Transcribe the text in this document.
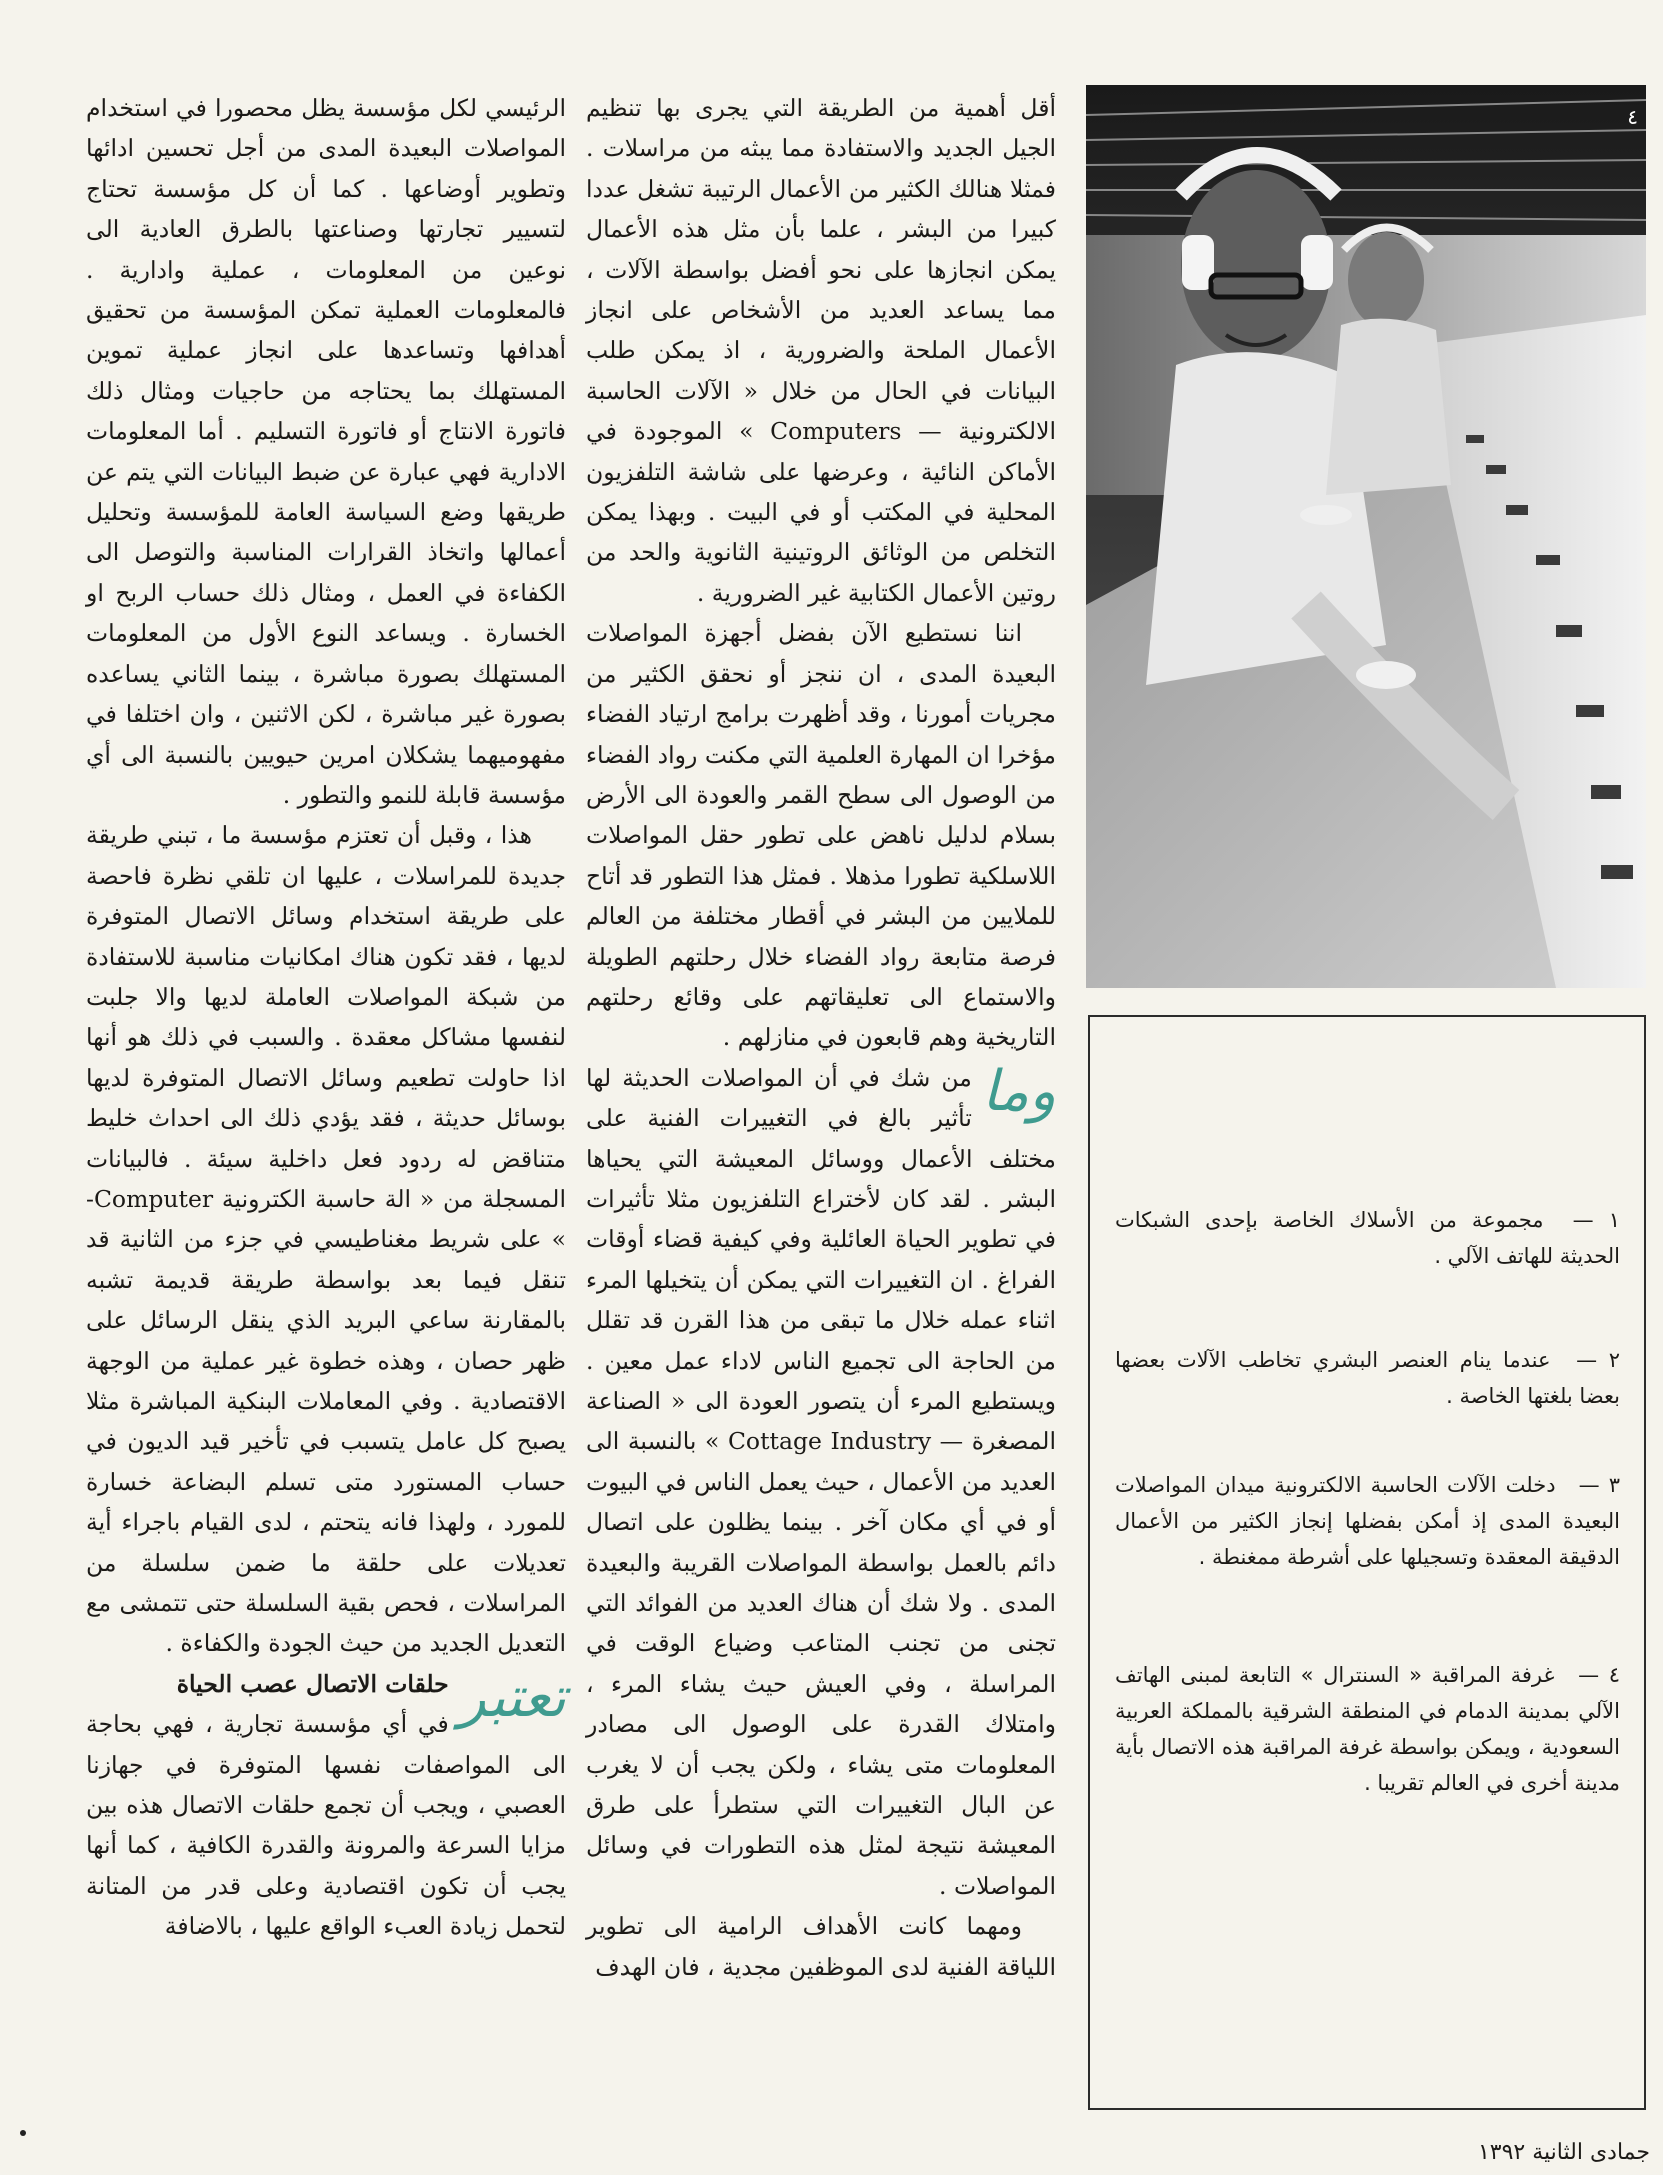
الرئيسي لكل مؤسسة يظل محصورا في استخدام المواصلات البعيدة المدى من أجل تحسين ادائها وتطوير أوضاعها . كما أن كل مؤسسة تحتاج لتسيير تجارتها وصناعتها بالطرق العادية الى نوعين من المعلومات ، عملية وادارية . فالمعلومات العملية تمكن المؤسسة من تحقيق أهدافها وتساعدها على انجاز عملية تموين المستهلك بما يحتاجه من حاجيات ومثال ذلك فاتورة الانتاج أو فاتورة التسليم . أما المعلومات الادارية فهي عبارة عن ضبط البيانات التي يتم عن طريقها وضع السياسة العامة للمؤسسة وتحليل أعمالها واتخاذ القرارات المناسبة والتوصل الى الكفاءة في العمل ، ومثال ذلك حساب الربح او الخسارة . ويساعد النوع الأول من المعلومات المستهلك بصورة مباشرة ، بينما الثاني يساعده بصورة غير مباشرة ، لكن الاثنين ، وان اختلفا في مفهوميهما يشكلان امرين حيويين بالنسبة الى أي مؤسسة قابلة للنمو والتطور .

هذا ، وقبل أن تعتزم مؤسسة ما ، تبني طريقة جديدة للمراسلات ، عليها ان تلقي نظرة فاحصة على طريقة استخدام وسائل الاتصال المتوفرة لديها ، فقد تكون هناك امكانيات مناسبة للاستفادة من شبكة المواصلات العاملة لديها والا جلبت لنفسها مشاكل معقدة . والسبب في ذلك هو أنها اذا حاولت تطعيم وسائل الاتصال المتوفرة لديها بوسائل حديثة ، فقد يؤدي ذلك الى احداث خليط متناقض له ردود فعل داخلية سيئة . فالبيانات المسجلة من « الة حاسبة الكترونية Computer- » على شريط مغناطيسي في جزء من الثانية قد تنقل فيما بعد بواسطة طريقة قديمة تشبه بالمقارنة ساعي البريد الذي ينقل الرسائل على ظهر حصان ، وهذه خطوة غير عملية من الوجهة الاقتصادية . وفي المعاملات البنكية المباشرة مثلا يصبح كل عامل يتسبب في تأخير قيد الديون في حساب المستورد متى تسلم البضاعة خسارة للمورد ، ولهذا فانه يتحتم ، لدى القيام باجراء أية تعديلات على حلقة ما ضمن سلسلة من المراسلات ، فحص بقية السلسلة حتى تتمشى مع التعديل الجديد من حيث الجودة والكفاءة .

تعتبر
حلقات الاتصال عصب الحياة
في أي مؤسسة تجارية ، فهي بحاجة الى المواصفات نفسها المتوفرة في جهازنا العصبي ، ويجب أن تجمع حلقات الاتصال هذه بين مزايا السرعة والمرونة والقدرة الكافية ، كما أنها يجب أن تكون اقتصادية وعلى قدر من المتانة لتحمل زيادة العبء الواقع عليها ، بالاضافة

أقل أهمية من الطريقة التي يجرى بها تنظيم الجيل الجديد والاستفادة مما يبثه من مراسلات . فمثلا هنالك الكثير من الأعمال الرتيبة تشغل عددا كبيرا من البشر ، علما بأن مثل هذه الأعمال يمكن انجازها على نحو أفضل بواسطة الآلات ، مما يساعد العديد من الأشخاص على انجاز الأعمال الملحة والضرورية ، اذ يمكن طلب البيانات في الحال من خلال « الآلات الحاسبة الالكترونية — Computers » الموجودة في الأماكن النائية ، وعرضها على شاشة التلفزيون المحلية في المكتب أو في البيت . وبهذا يمكن التخلص من الوثائق الروتينية الثانوية والحد من روتين الأعمال الكتابية غير الضرورية .

اننا نستطيع الآن بفضل أجهزة المواصلات البعيدة المدى ، ان ننجز أو نحقق الكثير من مجريات أمورنا ، وقد أظهرت برامج ارتياد الفضاء مؤخرا ان المهارة العلمية التي مكنت رواد الفضاء من الوصول الى سطح القمر والعودة الى الأرض بسلام لدليل ناهض على تطور حقل المواصلات اللاسلكية تطورا مذهلا . فمثل هذا التطور قد أتاح للملايين من البشر في أقطار مختلفة من العالم فرصة متابعة رواد الفضاء خلال رحلتهم الطويلة والاستماع الى تعليقاتهم على وقائع رحلتهم التاريخية وهم قابعون في منازلهم .

وما
من شك في أن المواصلات الحديثة لها تأثير بالغ في التغييرات الفنية على مختلف الأعمال ووسائل المعيشة التي يحياها البشر . لقد كان لأختراع التلفزيون مثلا تأثيرات في تطوير الحياة العائلية وفي كيفية قضاء أوقات الفراغ . ان التغييرات التي يمكن أن يتخيلها المرء اثناء عمله خلال ما تبقى من هذا القرن قد تقلل من الحاجة الى تجميع الناس لاداء عمل معين . ويستطيع المرء أن يتصور العودة الى « الصناعة المصغرة — Cottage Industry » بالنسبة الى العديد من الأعمال ، حيث يعمل الناس في البيوت أو في أي مكان آخر . بينما يظلون على اتصال دائم بالعمل بواسطة المواصلات القريبة والبعيدة المدى . ولا شك أن هناك العديد من الفوائد التي تجنى من تجنب المتاعب وضياع الوقت في المراسلة ، وفي العيش حيث يشاء المرء ، وامتلاك القدرة على الوصول الى مصادر المعلومات متى يشاء ، ولكن يجب أن لا يغرب عن البال التغييرات التي ستطرأ على طرق المعيشة نتيجة لمثل هذه التطورات في وسائل المواصلات .

ومهما كانت الأهداف الرامية الى تطوير اللياقة الفنية لدى الموظفين مجدية ، فان الهدف

٤
١ — مجموعة من الأسلاك الخاصة بإحدى الشبكات الحديثة للهاتف الآلي .
٢ — عندما ينام العنصر البشري تخاطب الآلات بعضها بعضا بلغتها الخاصة .
٣ — دخلت الآلات الحاسبة الالكترونية ميدان المواصلات البعيدة المدى إذ أمكن بفضلها إنجاز الكثير من الأعمال الدقيقة المعقدة وتسجيلها على أشرطة ممغنطة .
٤ — غرفة المراقبة « السنترال » التابعة لمبنى الهاتف الآلي بمدينة الدمام في المنطقة الشرقية بالمملكة العربية السعودية ، ويمكن بواسطة غرفة المراقبة هذه الاتصال بأية مدينة أخرى في العالم تقريبا .
جمادى الثانية ١٣٩٢
